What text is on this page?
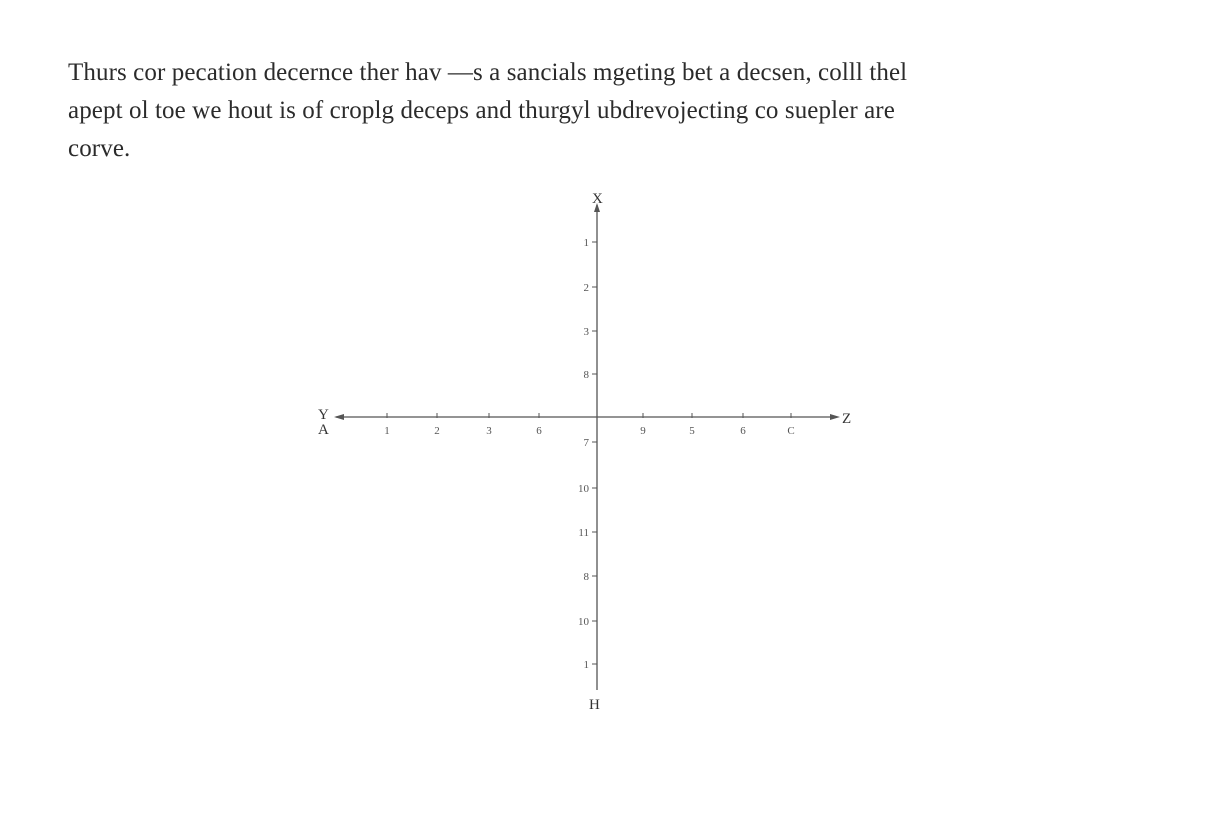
Thurs cor pecation decernce ther hav —s a sancials mgeting bet a decsen, colll thel
apept ol toe we hout is of croplg deceps and thurgyl ubdrevojecting co suepler are
corve.
X
H
Y
A
Z
1
2
3
8
7
10
11
8
10
1
1	2	3	6	9	5	6	C
